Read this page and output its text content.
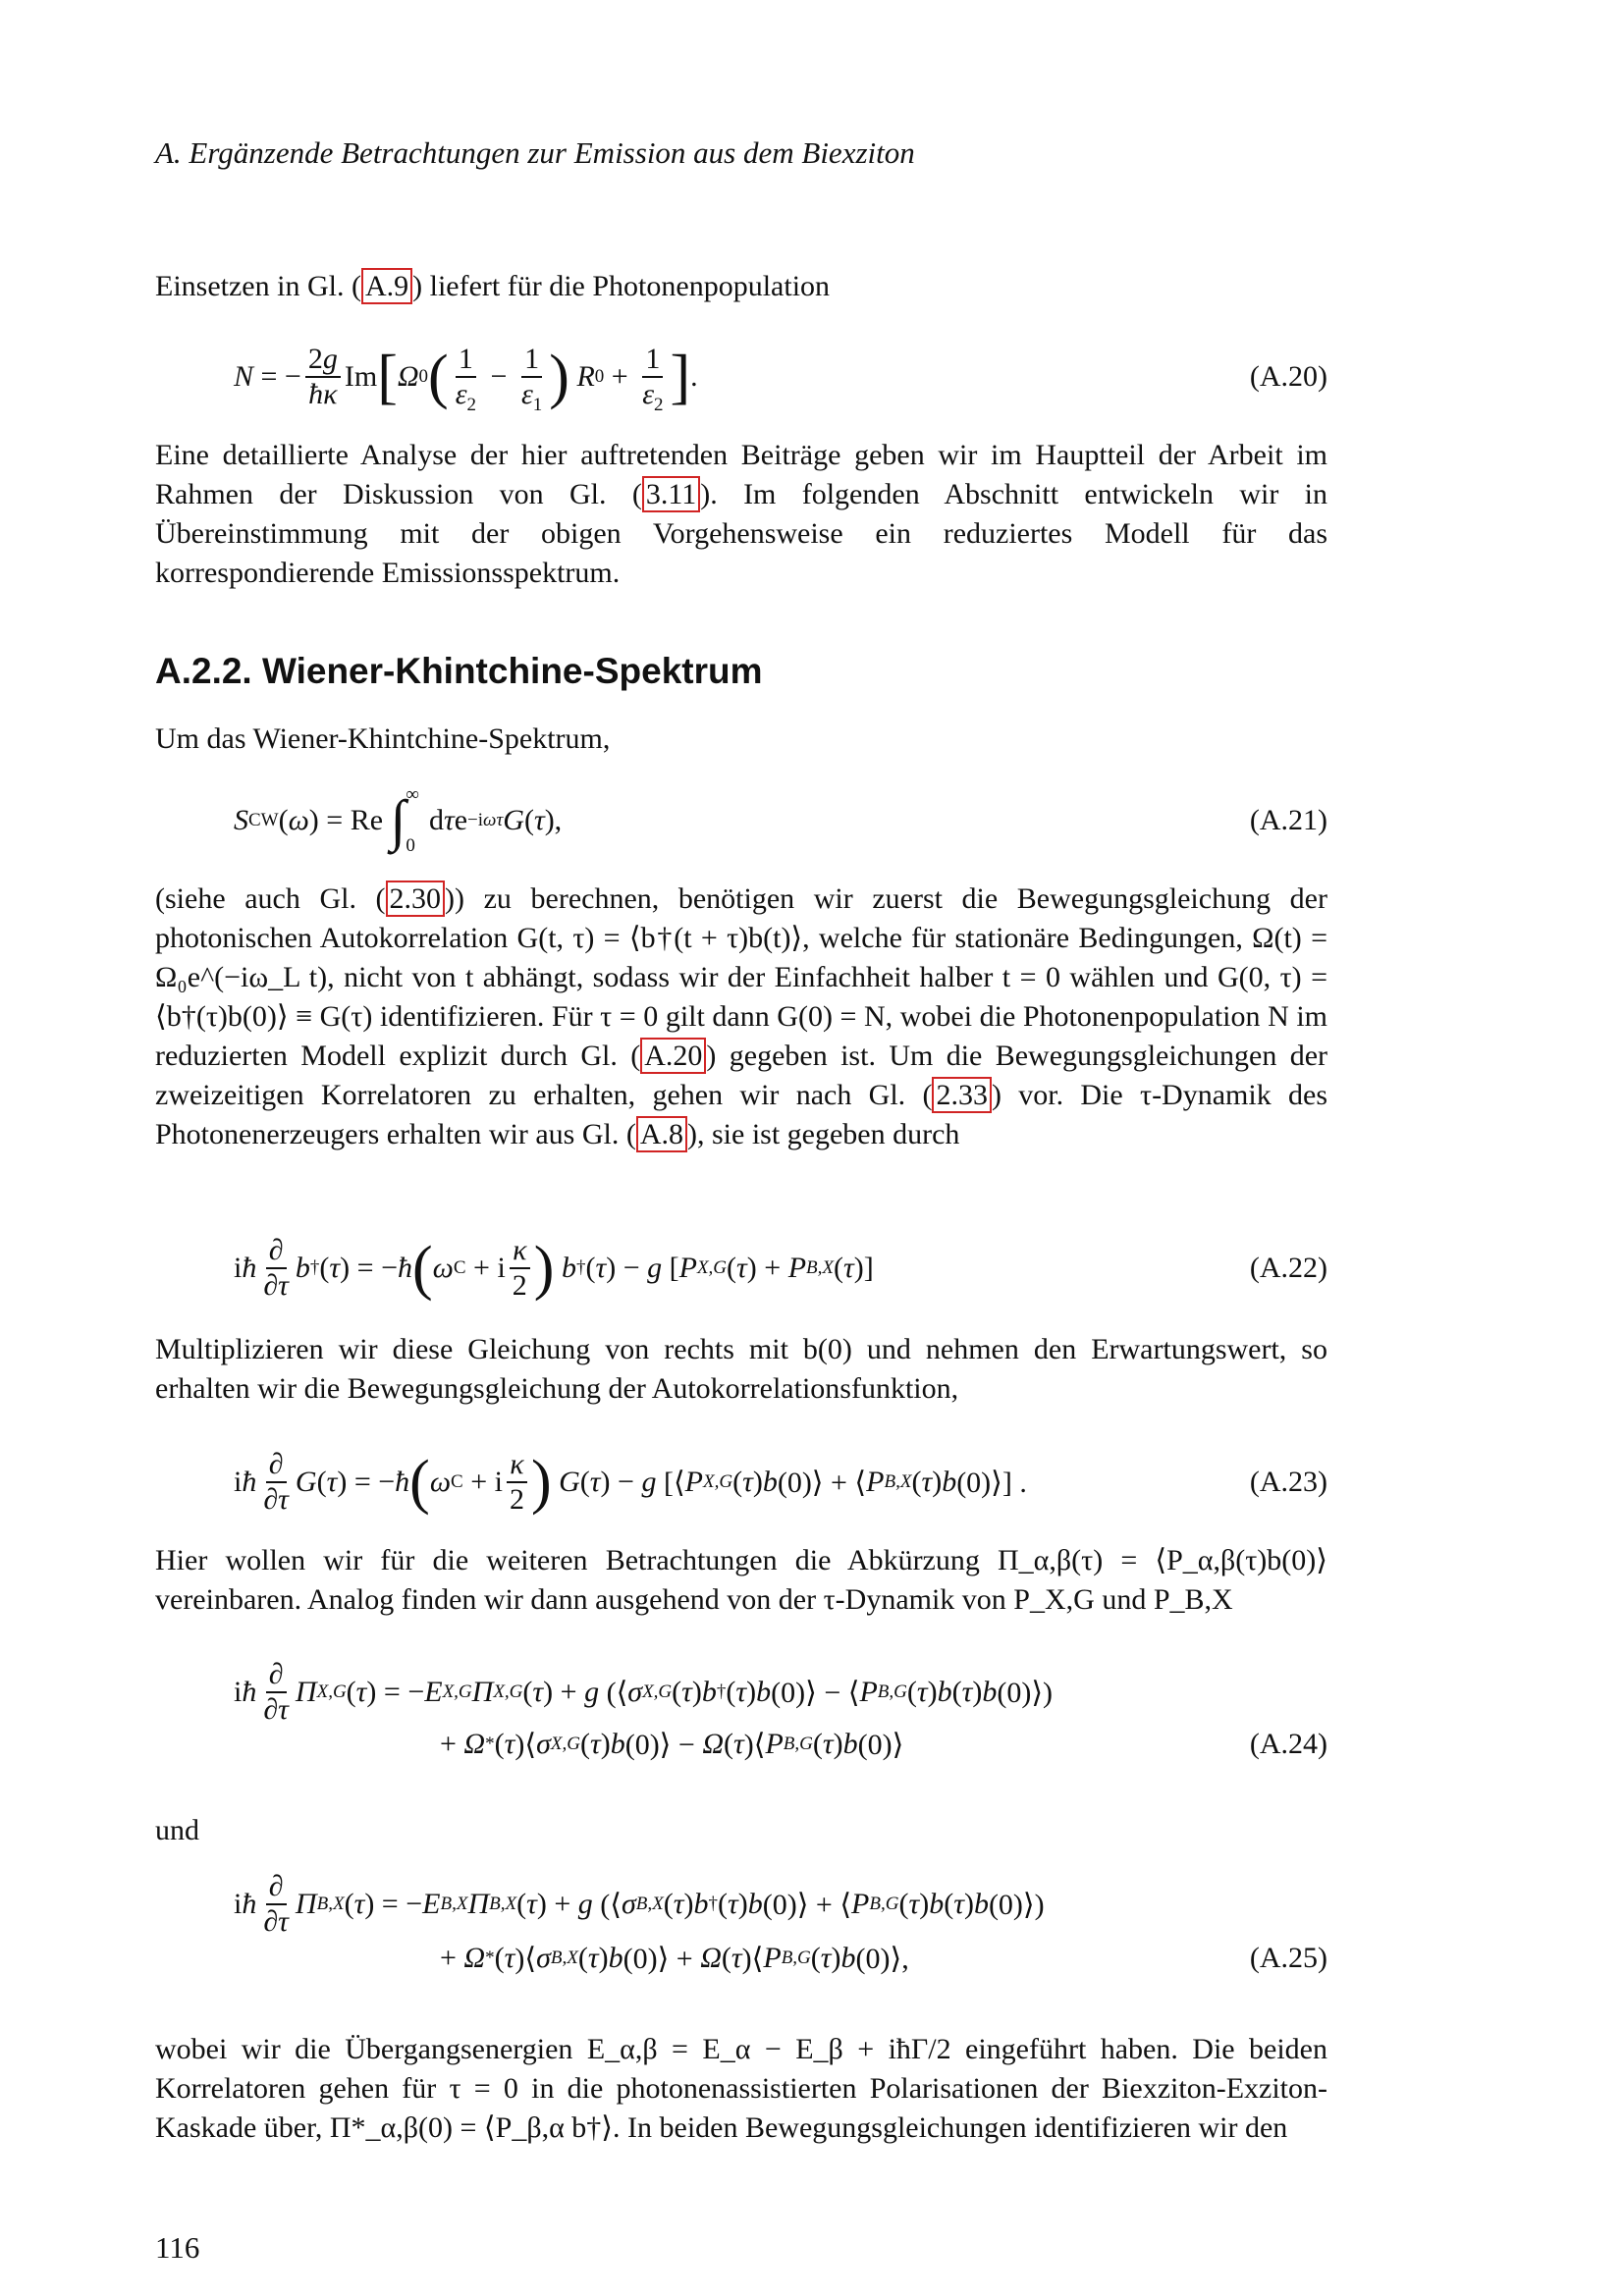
A. Ergänzende Betrachtungen zur Emission aus dem Biexziton
Einsetzen in Gl. ( A.9 ) liefert für die Photonenpopulation
N = − $\frac{2g}{ħ\kappa}$ Im [ Ω 0 ( $\frac{1}{\varepsilon_2} - \frac{1}{\varepsilon_1}$ )
R $0 + \frac{1}{\varepsilon_2}$ ] .	(A.20)
Eine detaillierte Analyse der hier auftretenden Beiträge geben wir im Hauptteil der Arbeit im Rahmen der Diskussion von Gl. ( 3.11 ). Im folgenden Abschnitt entwickeln wir in Übereinstimmung mit der obigen Vorgehensweise ein reduziertes Modell für das korrespondierende Emissionsspektrum.
A.2.2. Wiener-Khintchine-Spektrum
Um das Wiener-Khintchine-Spektrum,
S CW ( ω ) = Re ∫ ∞
0
d τ e −iωτ G ( τ ),	(A.21)
(siehe auch Gl. ( 2.30 )) zu berechnen, benötigen wir zuerst die Bewegungsgleichung der photonischen Autokorrelation G(t, τ) = ⟨b†(t + τ)b(t)⟩, welche für stationäre Bedingungen, Ω(t) = Ω₀e^(−iω_L t), nicht von t abhängt, sodass wir der Einfachheit halber t = 0 wählen und G(0, τ) = ⟨b†(τ)b(0)⟩ ≡ G(τ) identifizieren. Für τ = 0 gilt dann G(0) = N, wobei die Photonenpopulation N im reduzierten Modell explizit durch Gl. ( A.20 ) gegeben ist. Um die Bewegungsgleichungen der zweizeitigen Korrelatoren zu erhalten, gehen wir nach Gl. ( 2.33 ) vor. Die τ-Dynamik des Photonenerzeugers erhalten wir aus Gl. ( A.8 ), sie ist gegeben durch
i ħ $\frac{\partial}{\partial\tau}$ b † ( τ ) = − ħ ( ω C + i $\frac{\kappa}{2}$ )
b † ( τ ) − g [ P X,G ( τ ) + P B,X ( τ )]	(A.22)
Multiplizieren wir diese Gleichung von rechts mit b(0) und nehmen den Erwartungswert, so erhalten wir die Bewegungsgleichung der Autokorrelationsfunktion,
i ħ $\frac{\partial}{\partial\tau}$ G ( τ ) = − ħ ( ω C + i $\frac{\kappa}{2}$ )
G ( τ ) − g [⟨ P X,G ( τ ) b (0)⟩ + ⟨ P B,X ( τ ) b (0)⟩] .	(A.23)
Hier wollen wir für die weiteren Betrachtungen die Abkürzung Π_α,β(τ) = ⟨P_α,β(τ)b(0)⟩ vereinbaren. Analog finden wir dann ausgehend von der τ-Dynamik von P_X,G und P_B,X
i ħ $\frac{\partial}{\partial\tau}$ Π X,G ( τ ) = − E X,G Π X,G ( τ ) + g (⟨ σ X,G ( τ ) b † ( τ ) b (0)⟩ − ⟨ P B,G ( τ ) b ( τ ) b (0)⟩)
+ Ω * ( τ )⟨ σ X,G ( τ ) b (0)⟩ − Ω ( τ )⟨ P B,G ( τ ) b (0)⟩	(A.24)
und
i ħ $\frac{\partial}{\partial\tau}$ Π B,X ( τ ) = − E B,X Π B,X ( τ ) + g (⟨ σ B,X ( τ ) b † ( τ ) b (0)⟩ + ⟨ P B,G ( τ ) b ( τ ) b (0)⟩)
+ Ω * ( τ )⟨ σ B,X ( τ ) b (0)⟩ + Ω ( τ )⟨ P B,G ( τ ) b (0)⟩,	(A.25)
wobei wir die Übergangsenergien E_α,β = E_α − E_β + iħΓ/2 eingeführt haben. Die beiden Korrelatoren gehen für τ = 0 in die photonenassistierten Polarisationen der Biexziton-Exziton-Kaskade über, Π*_α,β(0) = ⟨P_β,α b†⟩. In beiden Bewegungsgleichungen identifizieren wir den
116
